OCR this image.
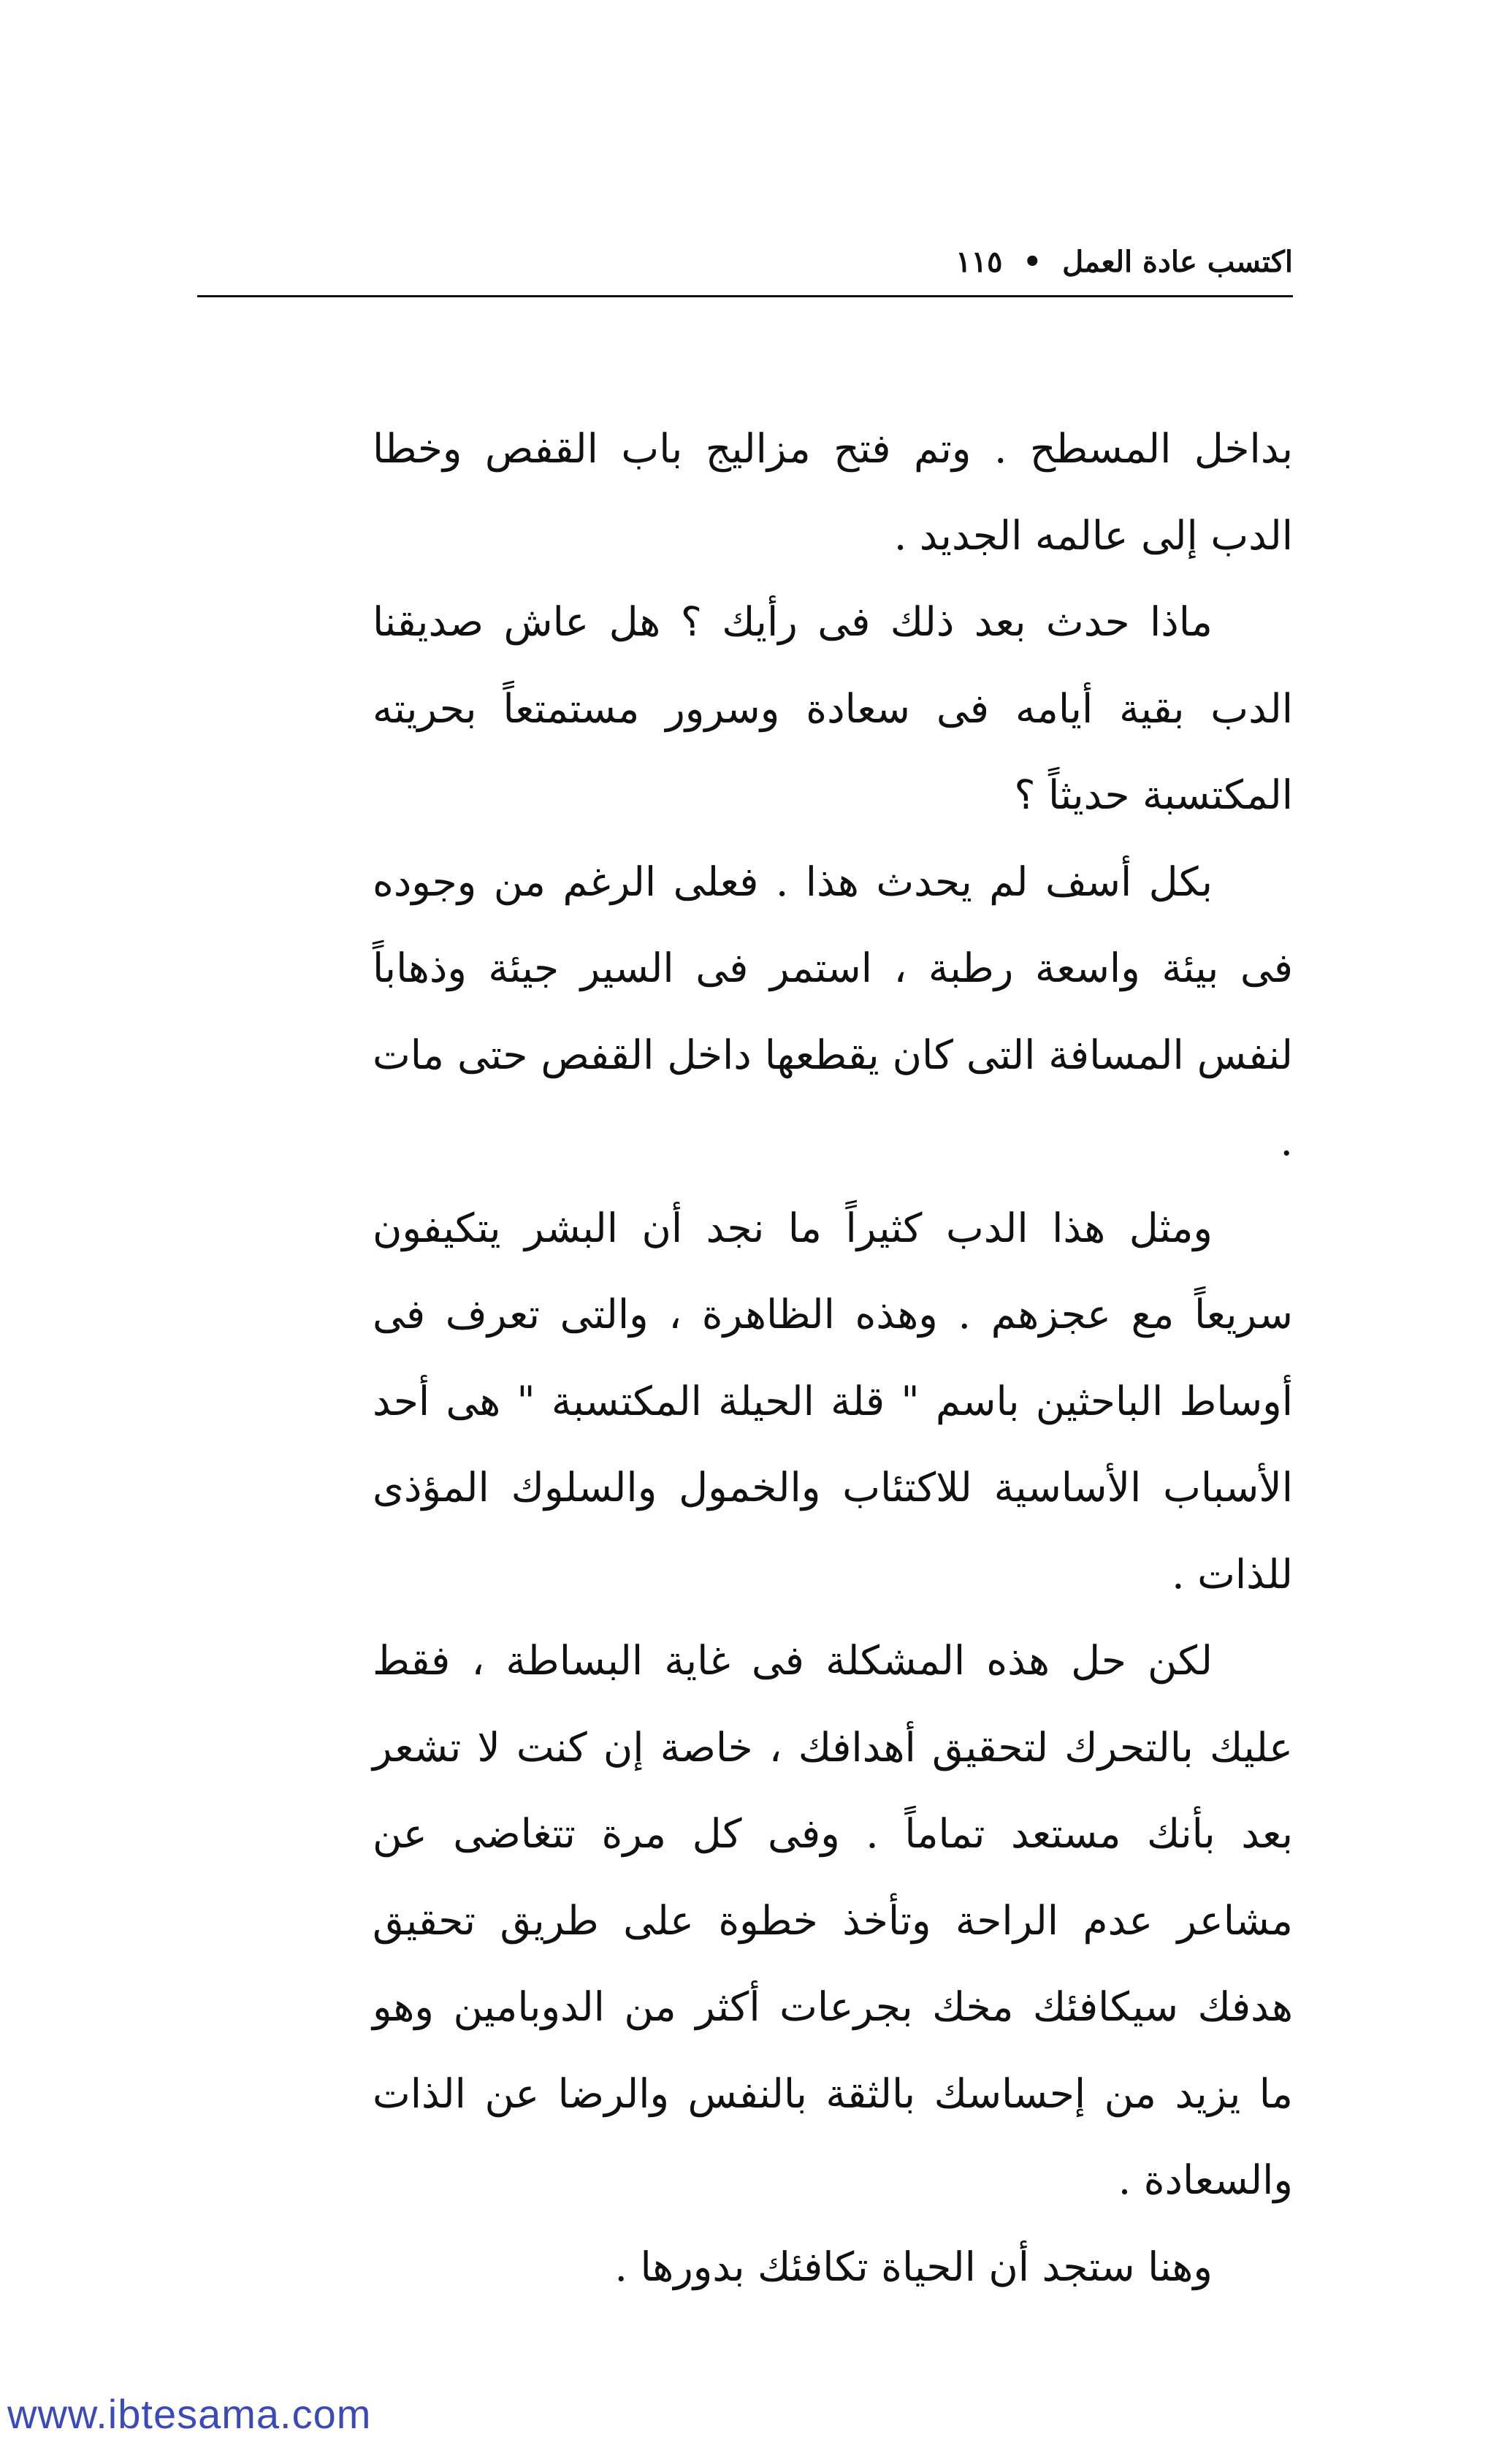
اكتسب عادة العمل
•
١١٥

بداخل المسطح . وتم فتح مزاليج باب القفص وخطا الدب إلى عالمه الجديد .

ماذا حدث بعد ذلك فى رأيك ؟ هل عاش صديقنا الدب بقية أيامه فى سعادة وسرور مستمتعاً بحريته المكتسبة حديثاً ؟

بكل أسف لم يحدث هذا . فعلى الرغم من وجوده فى بيئة واسعة رطبة ، استمر فى السير جيئة وذهاباً لنفس المسافة التى كان يقطعها داخل القفص حتى مات .

ومثل هذا الدب كثيراً ما نجد أن البشر يتكيفون سريعاً مع عجزهم . وهذه الظاهرة ، والتى تعرف فى أوساط الباحثين باسم " قلة الحيلة المكتسبة " هى أحد الأسباب الأساسية للاكتئاب والخمول والسلوك المؤذى للذات .

لكن حل هذه المشكلة فى غاية البساطة ، فقط عليك بالتحرك لتحقيق أهدافك ، خاصة إن كنت لا تشعر بعد بأنك مستعد تماماً . وفى كل مرة تتغاضى عن مشاعر عدم الراحة وتأخذ خطوة على طريق تحقيق هدفك سيكافئك مخك بجرعات أكثر من الدوبامين وهو ما يزيد من إحساسك بالثقة بالنفس والرضا عن الذات والسعادة .

وهنا ستجد أن الحياة تكافئك بدورها .

www.ibtesama.com
